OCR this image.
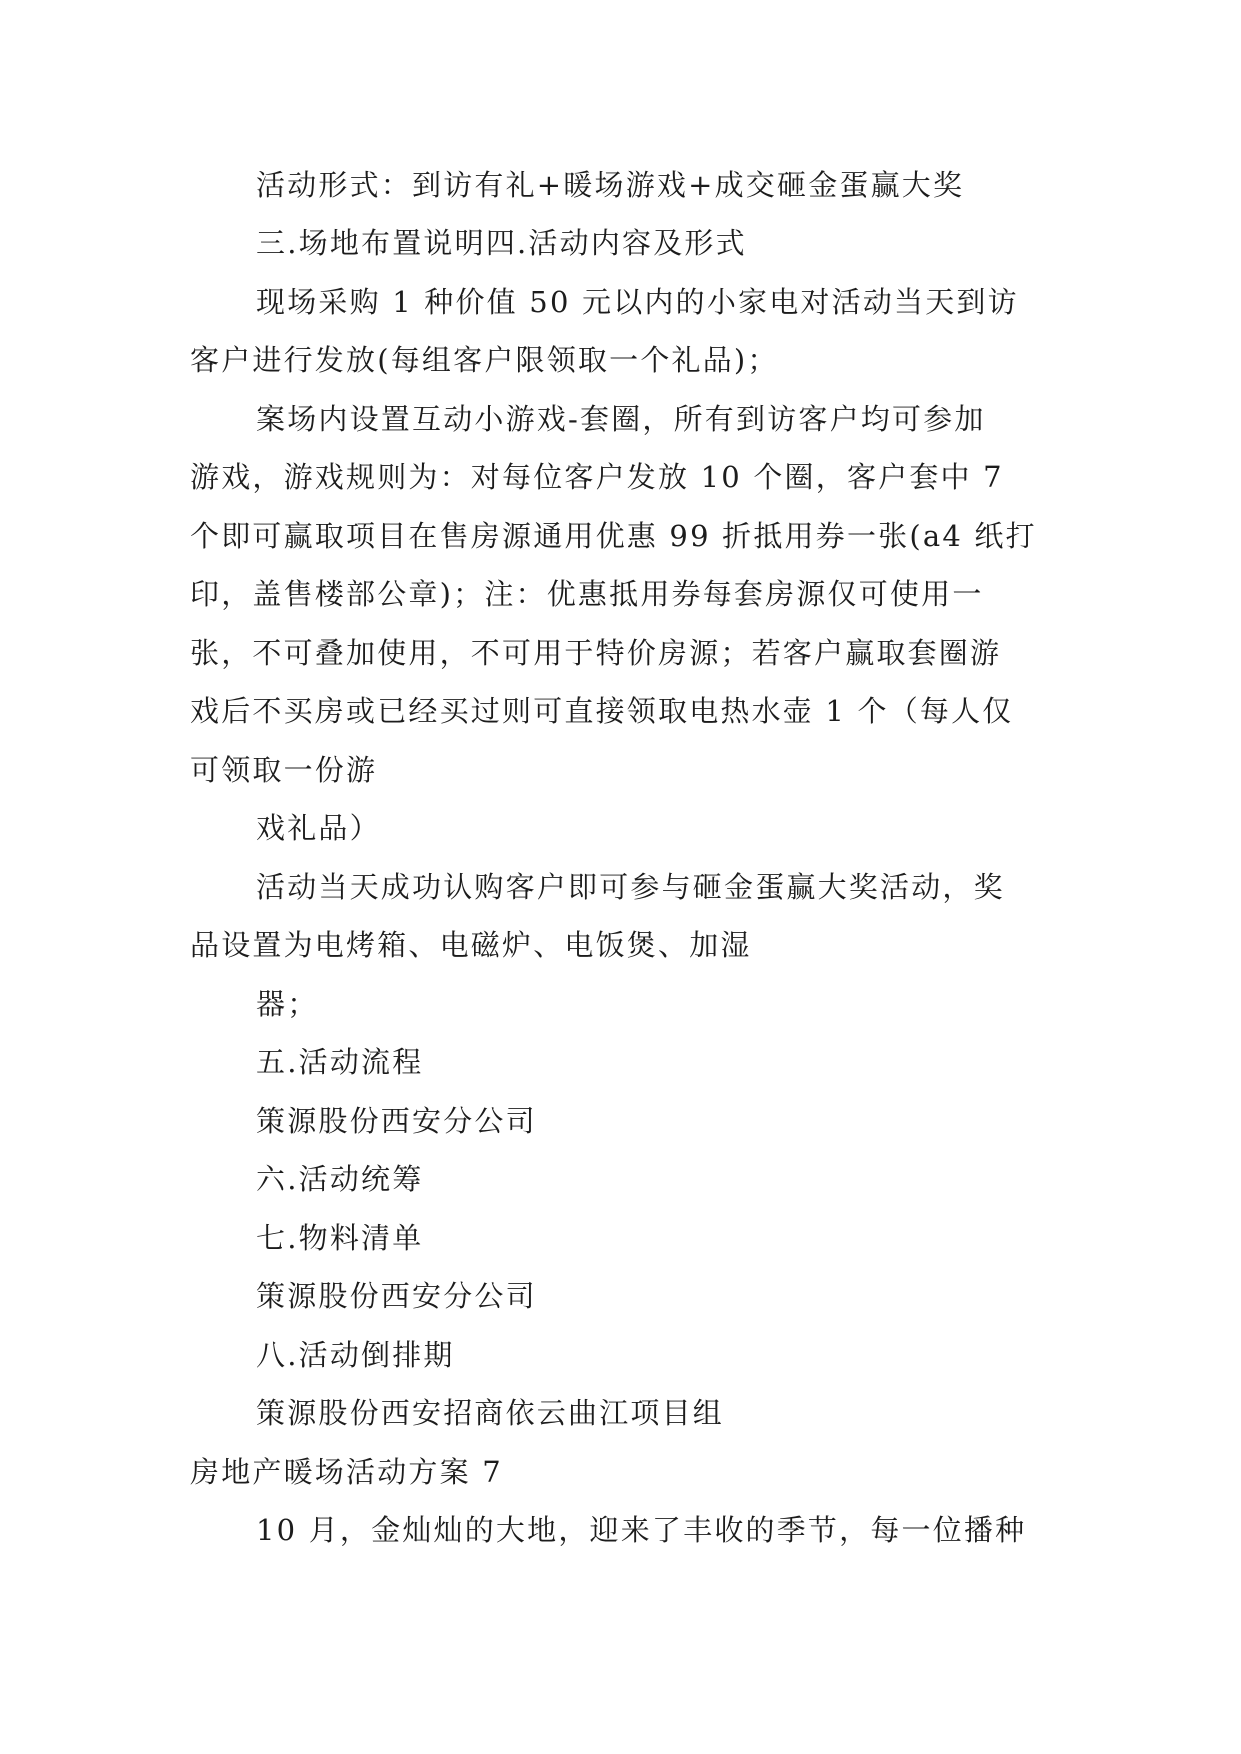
活动形式：到访有礼+暖场游戏+成交砸金蛋赢大奖

三.场地布置说明四.活动内容及形式

现场采购 1 种价值 50 元以内的小家电对活动当天到访

客户进行发放(每组客户限领取一个礼品)；

案场内设置互动小游戏-套圈，所有到访客户均可参加

游戏，游戏规则为：对每位客户发放 10 个圈，客户套中 7

个即可赢取项目在售房源通用优惠 99 折抵用券一张(a4 纸打

印，盖售楼部公章)；注：优惠抵用券每套房源仅可使用一

张，不可叠加使用，不可用于特价房源；若客户赢取套圈游

戏后不买房或已经买过则可直接领取电热水壶 1 个（每人仅

可领取一份游

戏礼品）

活动当天成功认购客户即可参与砸金蛋赢大奖活动，奖

品设置为电烤箱、电磁炉、电饭煲、加湿

器；

五.活动流程

策源股份西安分公司

六.活动统筹

七.物料清单

策源股份西安分公司

八.活动倒排期

策源股份西安招商依云曲江项目组

房地产暖场活动方案 7

10 月，金灿灿的大地，迎来了丰收的季节，每一位播种
